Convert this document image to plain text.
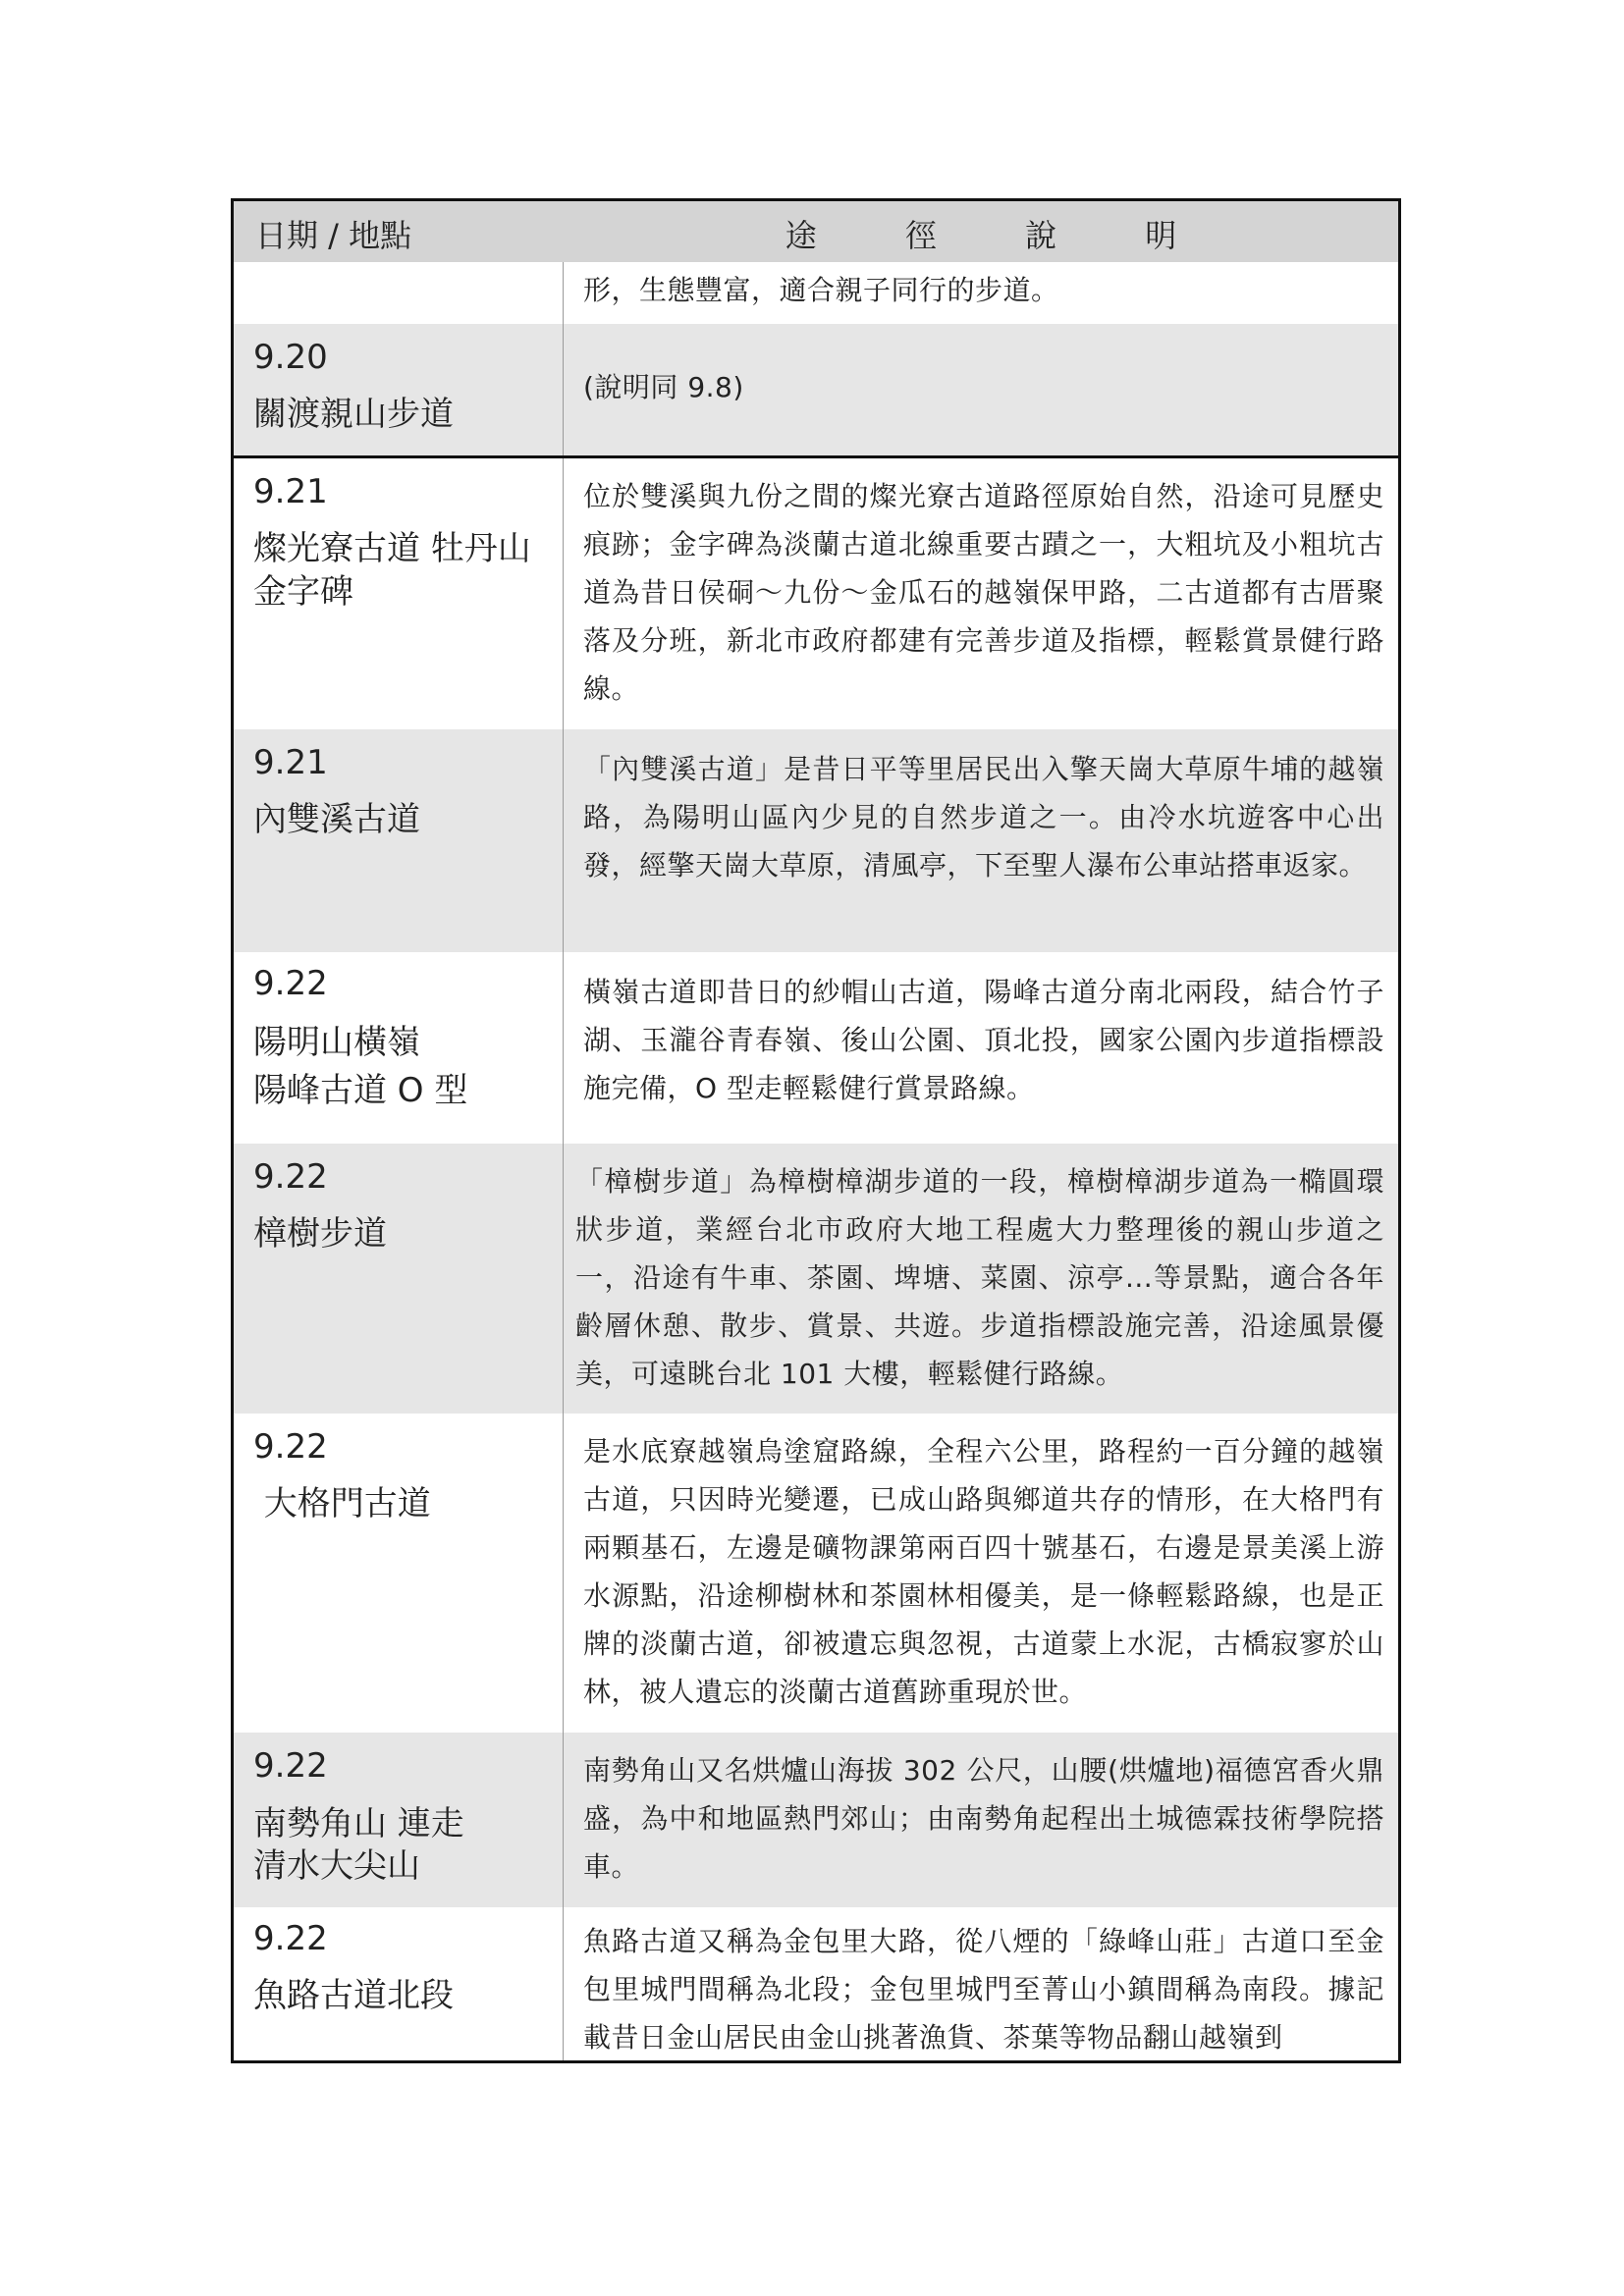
日期 / 地點	途 徑 說 明
形，生態豐富，適合親子同行的步道。
9.20
關渡親山步道
(說明同 9.8)
9.21
燦光寮古道 牡丹山
金字碑
位於雙溪與九份之間的燦光寮古道路徑原始自然，沿途可見歷史痕跡；金字碑為淡蘭古道北線重要古蹟之一，大粗坑及小粗坑古道為昔日侯硐～九份～金瓜石的越嶺保甲路，二古道都有古厝聚落及分班，新北市政府都建有完善步道及指標，輕鬆賞景健行路線。
9.21
內雙溪古道
「內雙溪古道」是昔日平等里居民出入擎天崗大草原牛埔的越嶺路，為陽明山區內少見的自然步道之一。由冷水坑遊客中心出發，經擎天崗大草原，清風亭，下至聖人瀑布公車站搭車返家。
9.22
陽明山橫嶺
陽峰古道 O 型
橫嶺古道即昔日的紗帽山古道，陽峰古道分南北兩段，結合竹子湖、玉瀧谷青春嶺、後山公園、頂北投，國家公園內步道指標設施完備，O 型走輕鬆健行賞景路線。
9.22
樟樹步道
「樟樹步道」為樟樹樟湖步道的一段，樟樹樟湖步道為一橢圓環狀步道，業經台北市政府大地工程處大力整理後的親山步道之一，沿途有牛車、茶園、埤塘、菜園、涼亭...等景點，適合各年齡層休憩、散步、賞景、共遊。步道指標設施完善，沿途風景優美，可遠眺台北 101 大樓，輕鬆健行路線。
9.22
大格門古道
是水底寮越嶺烏塗窟路線，全程六公里，路程約一百分鐘的越嶺古道，只因時光變遷，已成山路與鄉道共存的情形，在大格門有兩顆基石，左邊是礦物課第兩百四十號基石，右邊是景美溪上游水源點，沿途柳樹林和茶園林相優美，是一條輕鬆路線，也是正牌的淡蘭古道，卻被遺忘與忽視，古道蒙上水泥，古橋寂寥於山林，被人遺忘的淡蘭古道舊跡重現於世。
9.22
南勢角山 連走
清水大尖山
南勢角山又名烘爐山海拔 302 公尺，山腰(烘爐地)福德宮香火鼎盛，為中和地區熱門郊山；由南勢角起程出土城德霖技術學院搭車。
9.22
魚路古道北段
魚路古道又稱為金包里大路，從八煙的「綠峰山莊」古道口至金包里城門間稱為北段；金包里城門至菁山小鎮間稱為南段。據記載昔日金山居民由金山挑著漁貨、茶葉等物品翻山越嶺到
